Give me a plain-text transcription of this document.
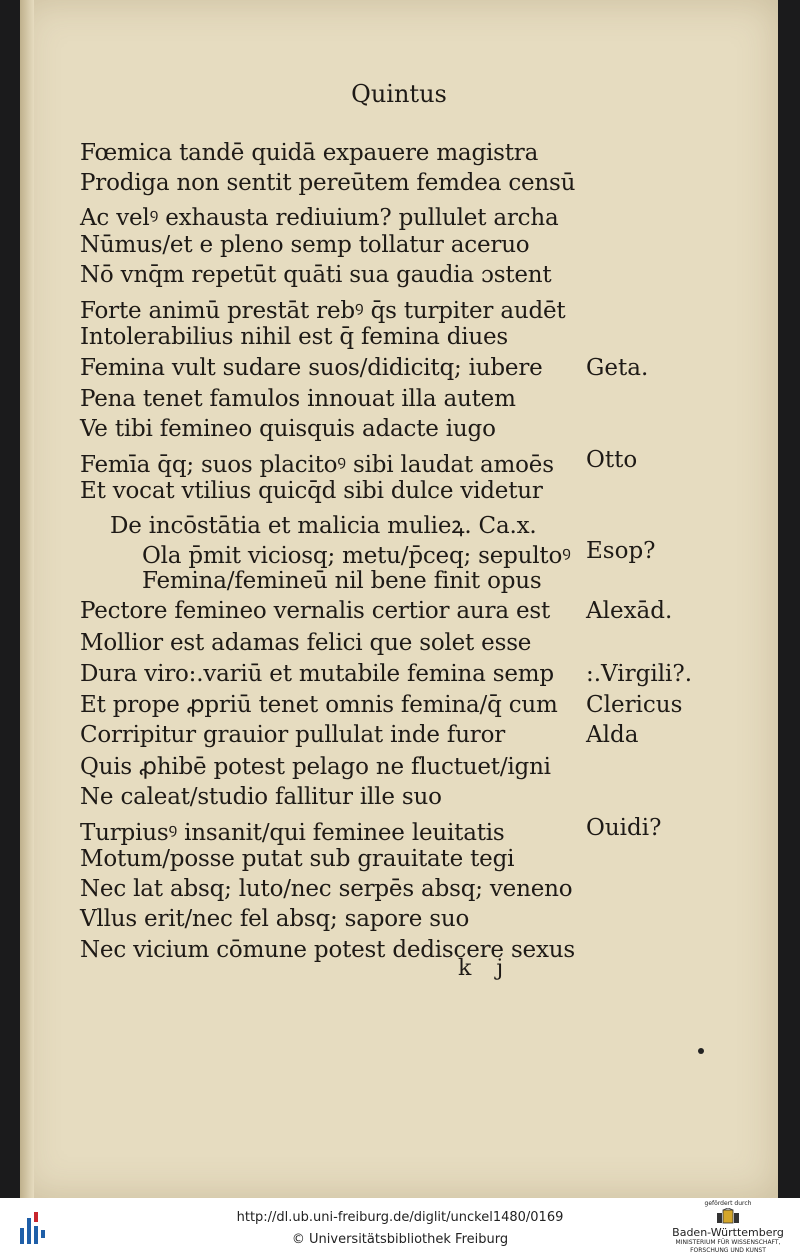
Quintus
Fœmica tandē quidā expauere magistra
Prodiga non sentit pereūtem femdea censū
Ac velꝰ exhausta rediuium? pullulet archa
Nūmus/et e pleno semp tollatur aceruo
Nō vnq̄m repetūt quāti sua gaudia ɔstent
Forte animū prestāt rebꝰ q̄s turpiter audēt
Intolerabilius nihil est q̄ femina diues
Femina vult sudare suos/didicitq; iubere Geta.
Pena tenet famulos innouat illa autem
Ve tibi femineo quisquis adacte iugo
Femīa q̄q; suos placitoꝰ sibi laudat amoēs Otto
Et vocat vtilius quicq̄d sibi dulce videtur
De incōstātia et malicia mulieꝝ. Ca.x.
Ola p̄mit viciosq; metu/p̄ceq; sepultoꝰ Esop?
Femina/femineū nil bene finit opus
Pectore femineo vernalis certior aura est Alexād.
Mollior est adamas felici que solet esse
Dura viro:.variū et mutabile femina semp :.Virgili?.
Et prope ꝓpriū tenet omnis femina/q̄ cum Clericus
Corripitur grauior pullulat inde furor	Alda
Quis ꝓhibē potest pelago ne fluctuet/igni
Ne caleat/studio fallitur ille suo
Turpiusꝰ insanit/qui feminee leuitatis	Ouidi?
Motum/posse putat sub grauitate tegi
Nec lat absq; luto/nec serpēs absq; veneno
Vllus erit/nec fel absq; sapore suo
Nec vicium cōmune potest dediscere sexus
k j
http://dl.ub.uni-freiburg.de/diglit/unckel1480/0169
© Universitätsbibliothek Freiburg
gefördert durch
Baden-Württemberg
MINISTERIUM FÜR WISSENSCHAFT, FORSCHUNG UND KUNST
